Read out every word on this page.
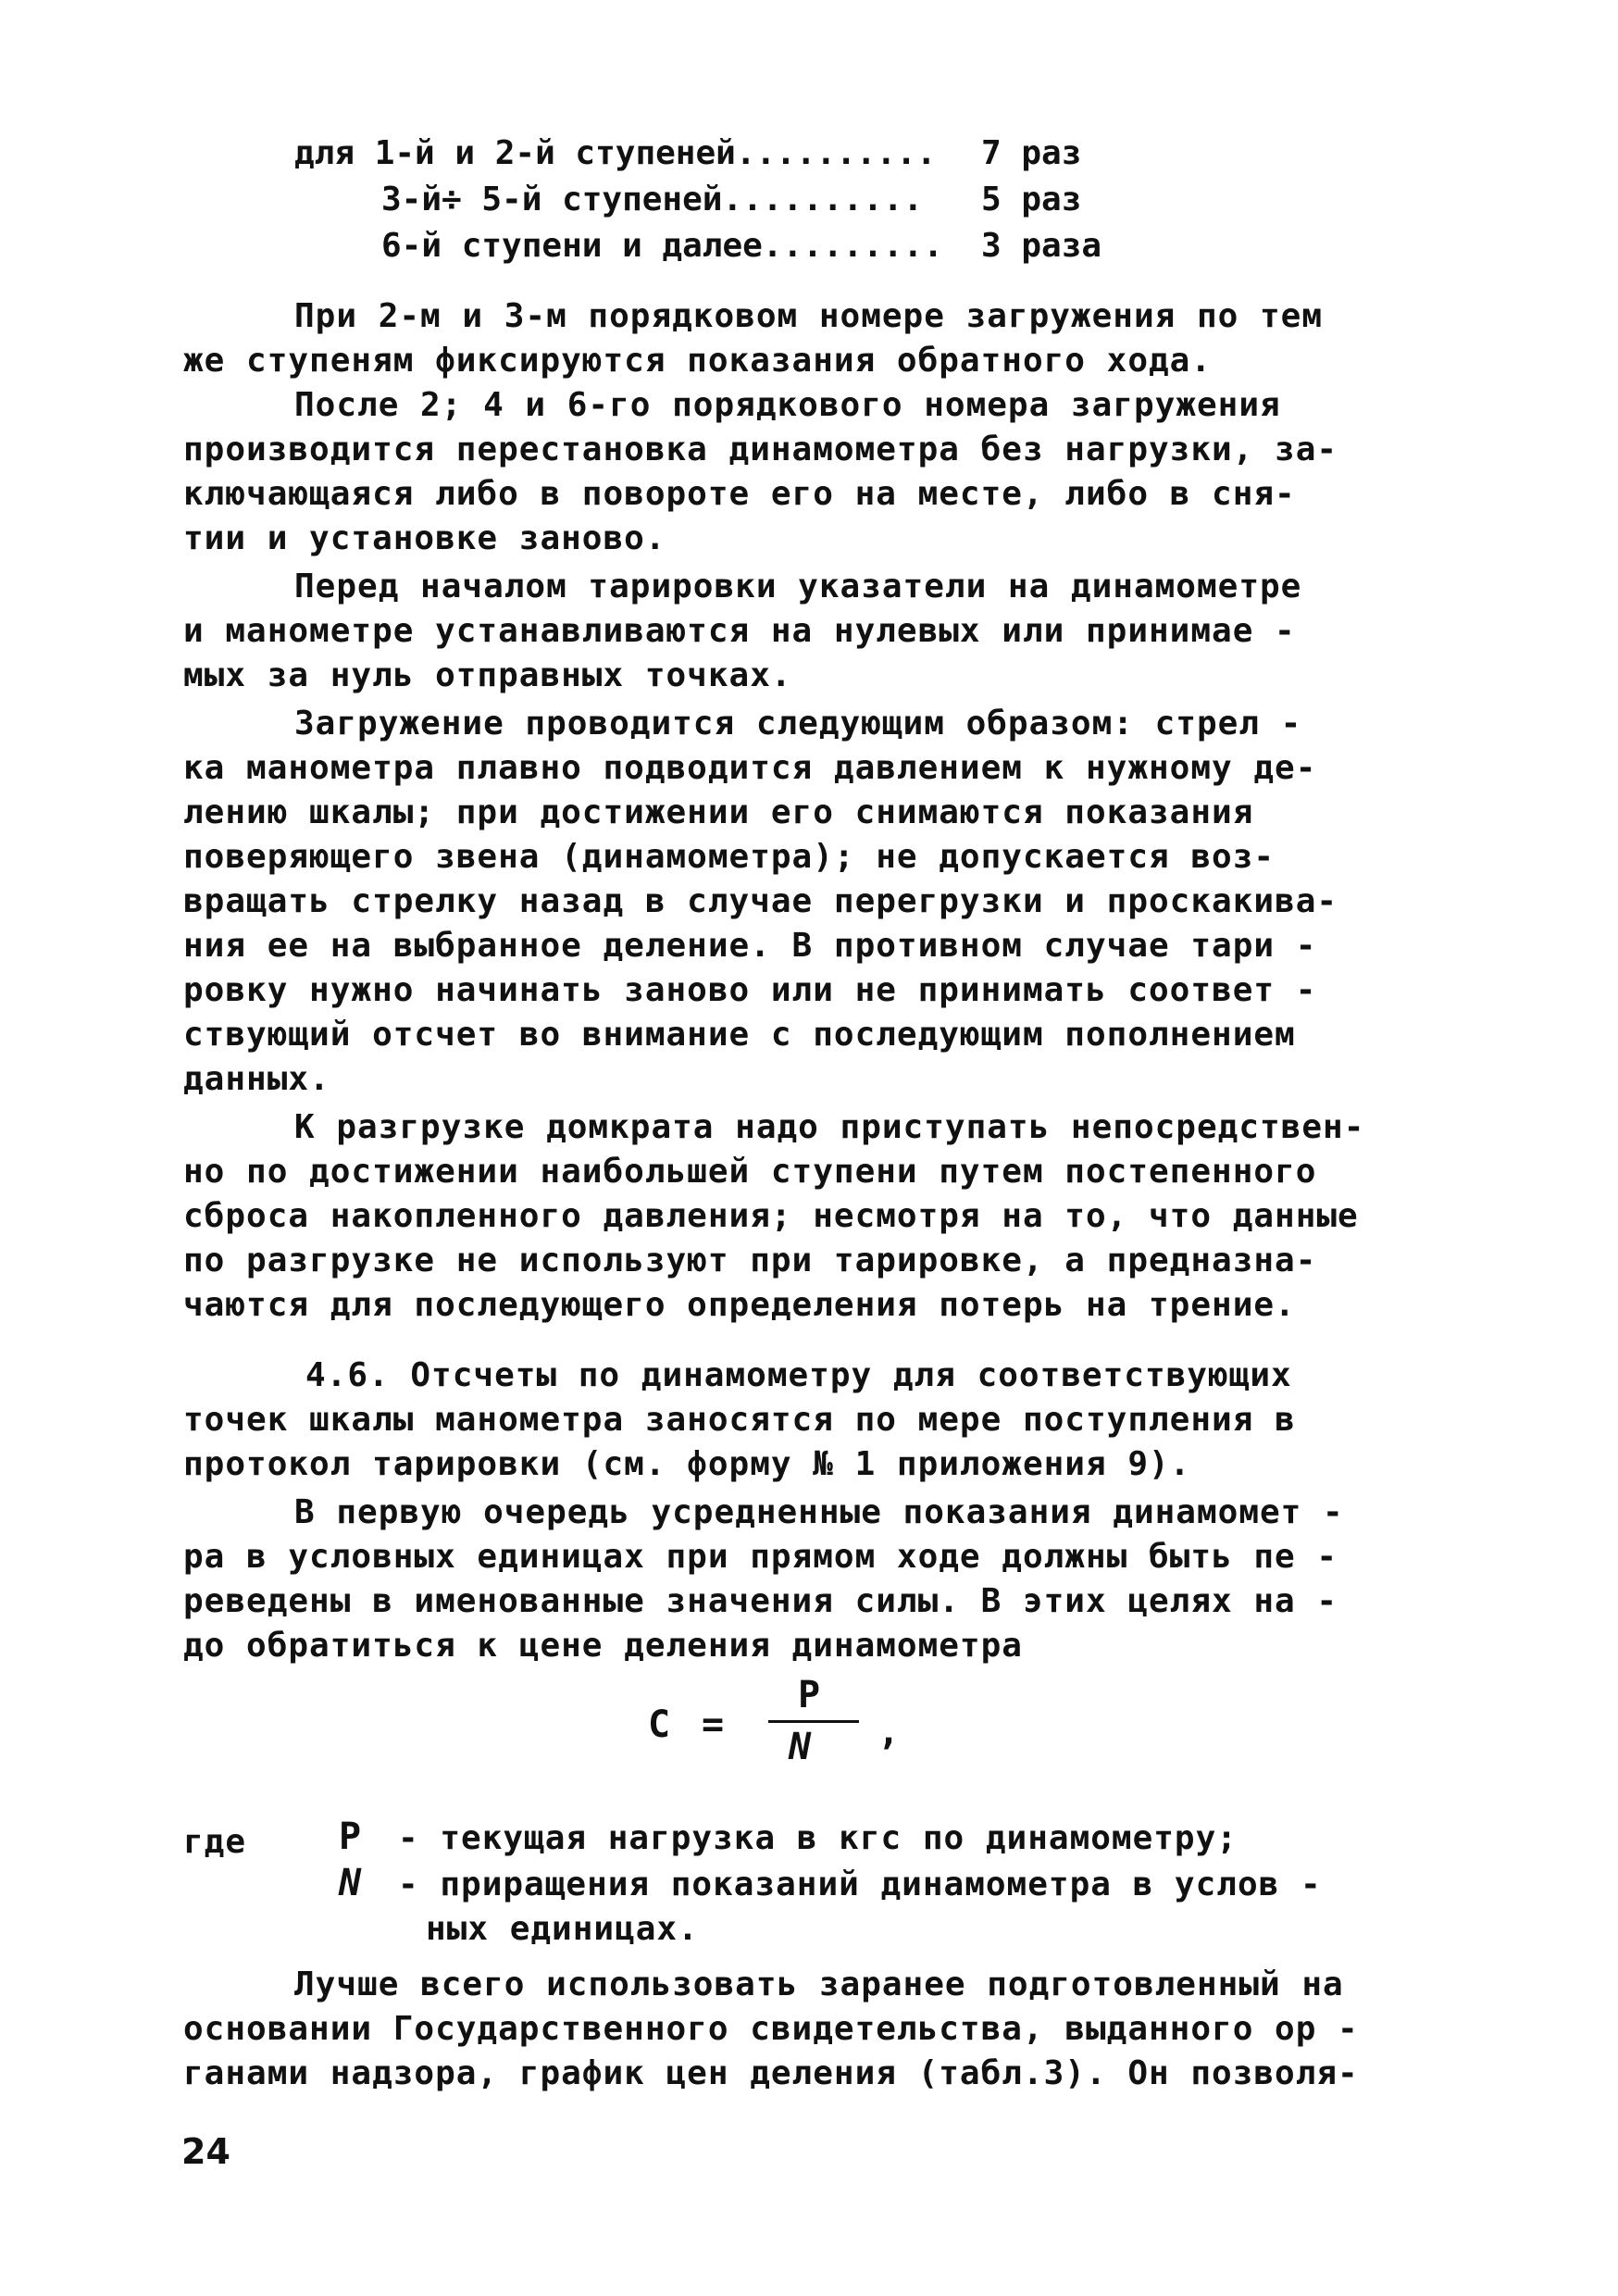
для 1-й и 2-й ступеней.......... 7 раз
3-й÷ 5-й ступеней.......... 5 раз
6-й ступени и далее......... 3 раза
При 2-м и 3-м порядковом номере загружения по тем
же ступеням фиксируются показания обратного хода.
После 2; 4 и 6-го порядкового номера загружения
производится перестановка динамометра без нагрузки, за-
ключающаяся либо в повороте его на месте, либо в сня-
тии и установке заново.
Перед началом тарировки указатели на динамометре
и манометре устанавливаются на нулевых или принимае -
мых за нуль отправных точках.
Загружение проводится следующим образом: стрел -
ка манометра плавно подводится давлением к нужному де-
лению шкалы; при достижении его снимаются показания
поверяющего звена (динамометра); не допускается воз-
вращать стрелку назад в случае перегрузки и проскакива-
ния ее на выбранное деление. В противном случае тари -
ровку нужно начинать заново или не принимать соответ -
ствующий отсчет во внимание с последующим пополнением
данных.
К разгрузке домкрата надо приступать непосредствен-
но по достижении наибольшей ступени путем постепенного
сброса накопленного давления; несмотря на то, что данные
по разгрузке не используют при тарировке, а предназна-
чаются для последующего определения потерь на трение.
4.6. Отсчеты по динамометру для соответствующих
точек шкалы манометра заносятся по мере поступления в
протокол тарировки (см. форму № 1 приложения 9).
В первую очередь усредненные показания динамомет -
ра в условных единицах при прямом ходе должны быть пе -
реведены в именованные значения силы. В этих целях на -
до обратиться к цене деления динамометра
C =
P
N ,
где P - текущая нагрузка в кгс по динамометру;
N - приращения показаний динамометра в услов -
ных единицах.
Лучше всего использовать заранее подготовленный на
основании Государственного свидетельства, выданного ор -
ганами надзора, график цен деления (табл.3). Он позволя-
24
